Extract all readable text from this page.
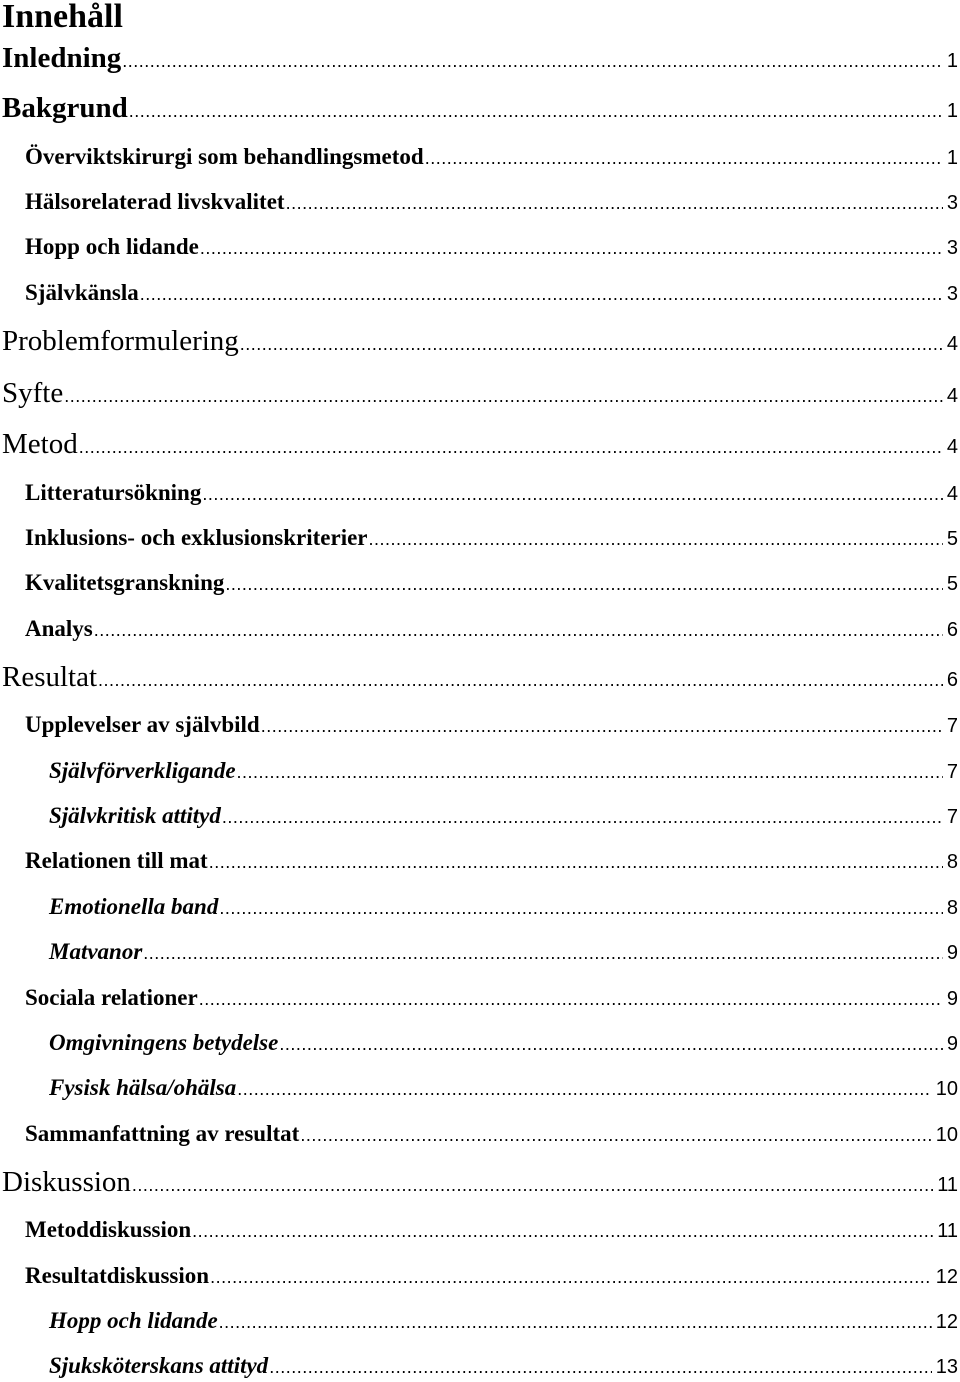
Innehåll
Inledning .....	1
Bakgrund .....	1
Överviktskirurgi som behandlingsmetod .....	1
Hälsorelaterad livskvalitet .....	3
Hopp och lidande .....	3
Självkänsla .....	3
Problemformulering .....	4
Syfte .....	4
Metod .....	4
Litteratursökning .....	4
Inklusions- och exklusionskriterier .....	5
Kvalitetsgranskning .....	5
Analys .....	6
Resultat .....	6
Upplevelser av självbild .....	7
Självförverkligande .....	7
Självkritisk attityd .....	7
Relationen till mat .....	8
Emotionella band .....	8
Matvanor .....	9
Sociala relationer .....	9
Omgivningens betydelse .....	9
Fysisk hälsa/ohälsa .....	10
Sammanfattning av resultat .....	10
Diskussion .....	11
Metoddiskussion .....	11
Resultatdiskussion .....	12
Hopp och lidande .....	12
Sjuksköterskans attityd .....	13
